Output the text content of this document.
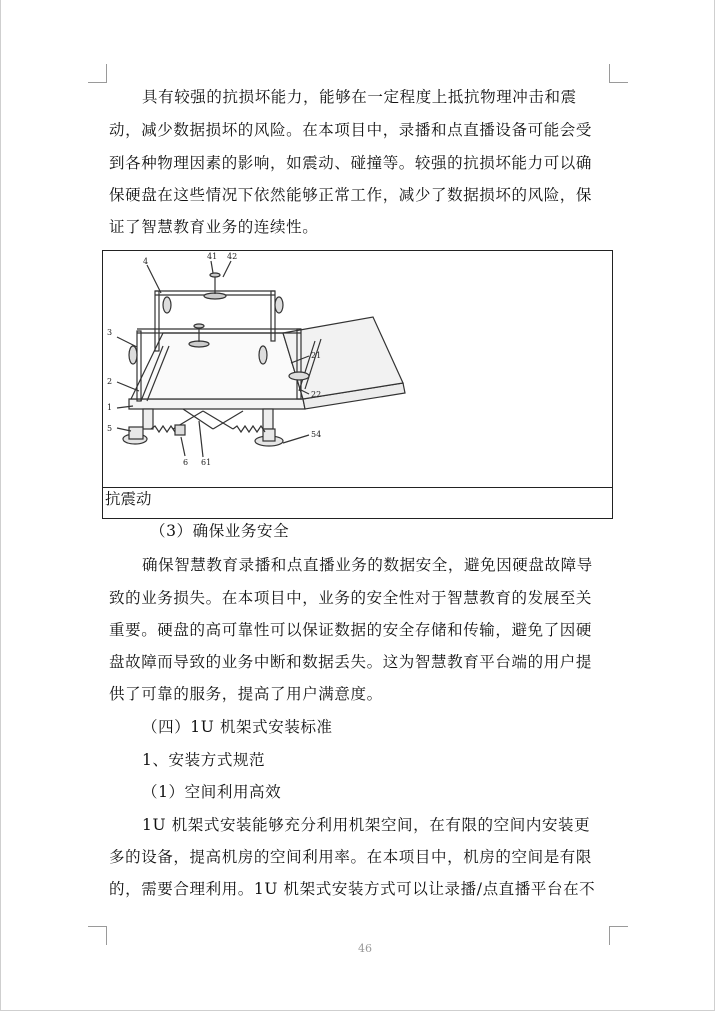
具有较强的抗损坏能力，能够在一定程度上抵抗物理冲击和震
动，减少数据损坏的风险。在本项目中，录播和点直播设备可能会受
到各种物理因素的影响，如震动、碰撞等。较强的抗损坏能力可以确
保硬盘在这些情况下依然能够正常工作，减少了数据损坏的风险，保
证了智慧教育业务的连续性。
4
41 42
3
2
1
5
6 61
21
22
54
抗震动
（3）确保业务安全
确保智慧教育录播和点直播业务的数据安全，避免因硬盘故障导
致的业务损失。在本项目中，业务的安全性对于智慧教育的发展至关
重要。硬盘的高可靠性可以保证数据的安全存储和传输，避免了因硬
盘故障而导致的业务中断和数据丢失。这为智慧教育平台端的用户提
供了可靠的服务，提高了用户满意度。
（四）1U 机架式安装标准
1、安装方式规范
（1）空间利用高效
1U 机架式安装能够充分利用机架空间，在有限的空间内安装更
多的设备，提高机房的空间利用率。在本项目中，机房的空间是有限
的，需要合理利用。1U 机架式安装方式可以让录播/点直播平台在不
46
